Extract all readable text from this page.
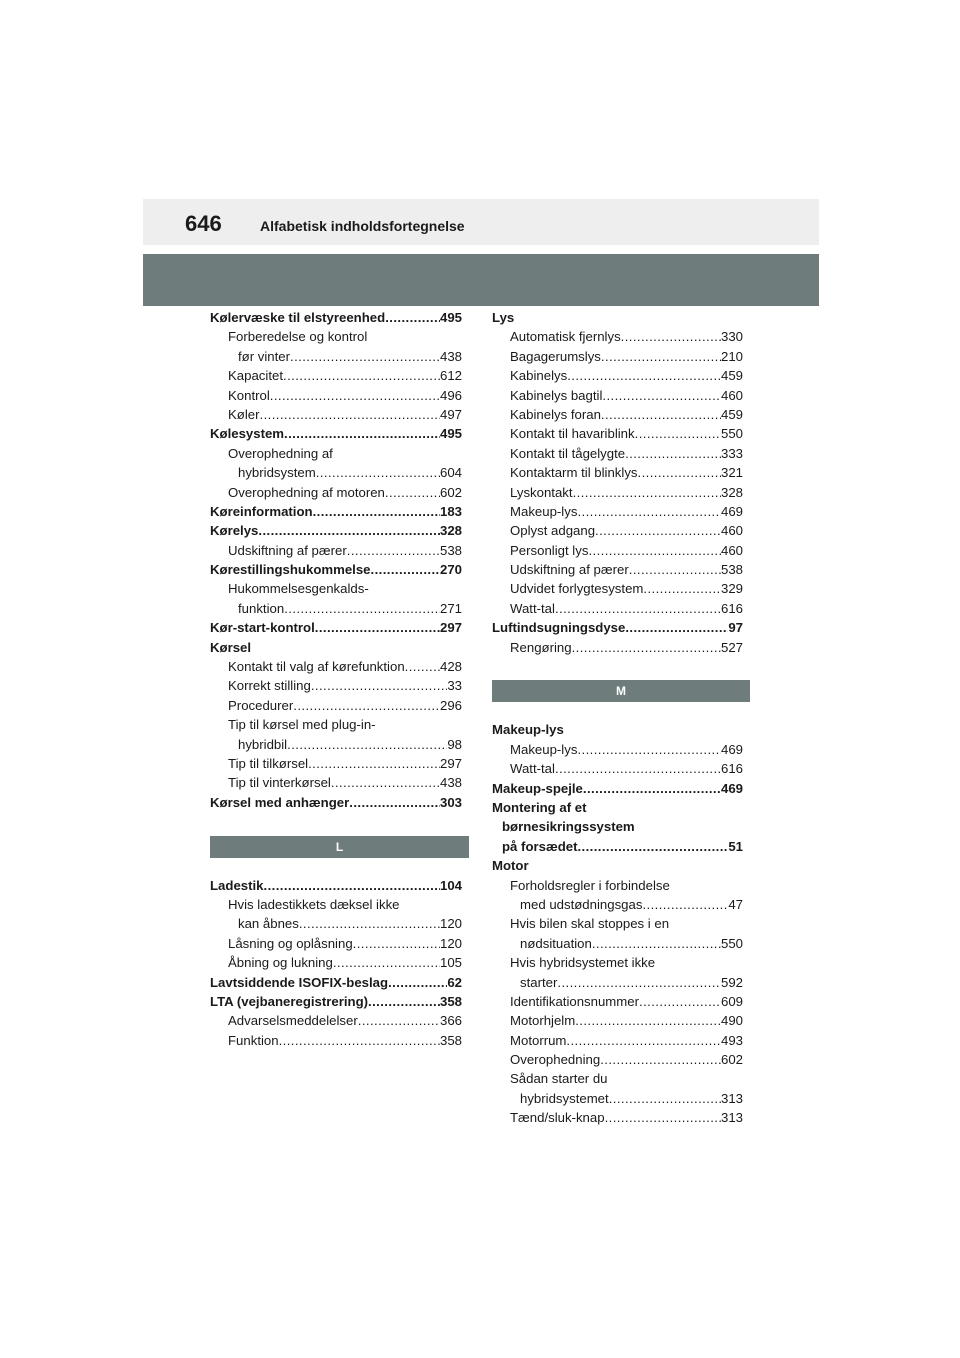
646	Alfabetisk indholdsfortegnelse
Kølervæske til elstyreenhed .....	495
Forberedelse og kontrol
før vinter .....	438
Kapacitet .....	612
Kontrol .....	496
Køler .....	497
Kølesystem .....	495
Overophedning af
hybridsystem .....	604
Overophedning af motoren .....	602
Køreinformation .....	183
Kørelys .....	328
Udskiftning af pærer .....	538
Kørestillingshukommelse .....	270
Hukommelsesgenkalds-
funktion .....	271
Kør-start-kontrol .....	297
Kørsel
Kontakt til valg af kørefunktion .....	428
Korrekt stilling .....	33
Procedurer .....	296
Tip til kørsel med plug-in-
hybridbil .....	98
Tip til tilkørsel .....	297
Tip til vinterkørsel .....	438
Kørsel med anhænger .....	303
L
Ladestik .....	104
Hvis ladestikkets dæksel ikke
kan åbnes .....	120
Låsning og oplåsning .....	120
Åbning og lukning .....	105
Lavtsiddende ISOFIX-beslag .....	62
LTA (vejbaneregistrering) .....	358
Advarselsmeddelelser .....	366
Funktion .....	358
Lys
Automatisk fjernlys .....	330
Bagagerumslys .....	210
Kabinelys .....	459
Kabinelys bagtil .....	460
Kabinelys foran .....	459
Kontakt til havariblink .....	550
Kontakt til tågelygte .....	333
Kontaktarm til blinklys .....	321
Lyskontakt .....	328
Makeup-lys .....	469
Oplyst adgang .....	460
Personligt lys .....	460
Udskiftning af pærer .....	538
Udvidet forlygtesystem .....	329
Watt-tal .....	616
Luftindsugningsdyse .....	97
Rengøring .....	527
M
Makeup-lys
Makeup-lys .....	469
Watt-tal .....	616
Makeup-spejle .....	469
Montering af et
børnesikringssystem
på forsædet .....	51
Motor
Forholdsregler i forbindelse
med udstødningsgas .....	47
Hvis bilen skal stoppes i en
nødsituation .....	550
Hvis hybridsystemet ikke
starter .....	592
Identifikationsnummer .....	609
Motorhjelm .....	490
Motorrum .....	493
Overophedning .....	602
Sådan starter du
hybridsystemet .....	313
Tænd/sluk-knap .....	313
